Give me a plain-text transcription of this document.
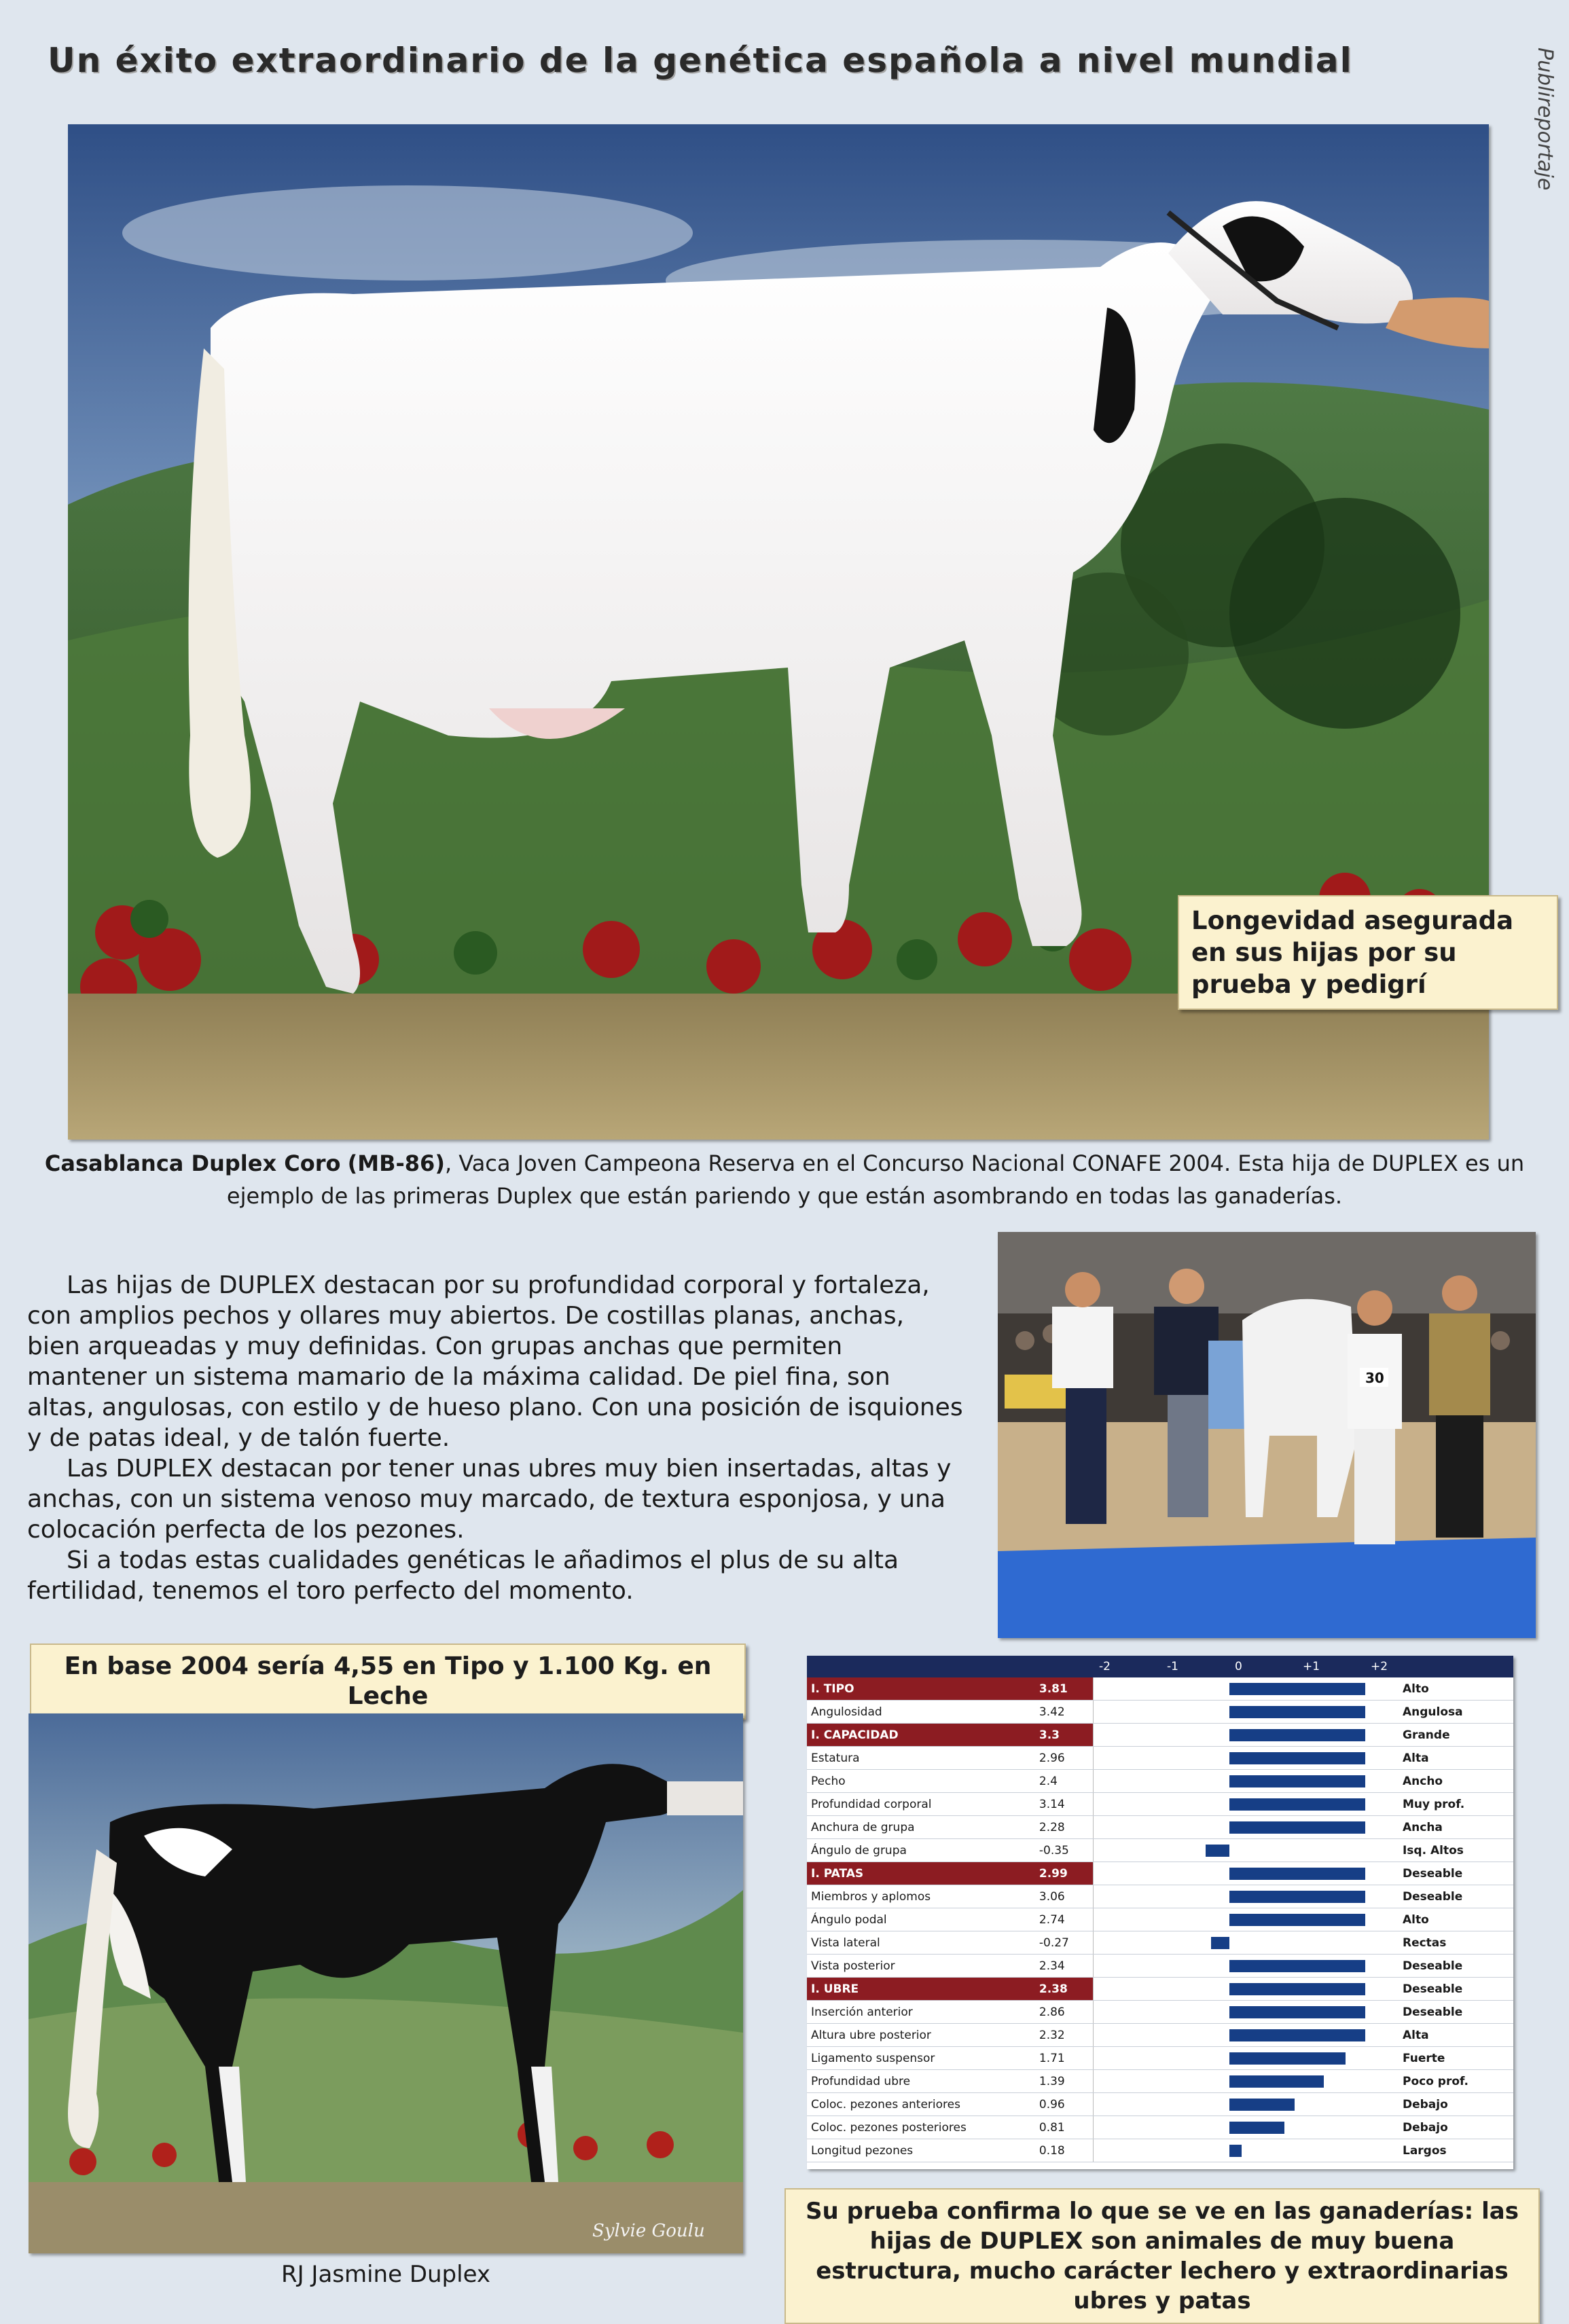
Un éxito extraordinario de la genética española a nivel mundial	Publireportaje
Longevidad asegurada en sus hijas por su prueba y pedigrí
Casablanca Duplex Coro (MB-86), Vaca Joven Campeona Reserva en el Concurso Nacional CONAFE 2004. Esta hija de DUPLEX es un ejemplo de las primeras Duplex que están pariendo y que están asombrando en todas las ganaderías.

Las hijas de DUPLEX destacan por su profundidad corporal y fortaleza, con amplios pechos y ollares muy abiertos. De costillas planas, anchas, bien arqueadas y muy definidas. Con grupas anchas que permiten mantener un sistema mamario de la máxima calidad. De piel fina, son altas, angulosas, con estilo y de hueso plano. Con una posición de isquiones y de patas ideal, y de talón fuerte.

Las DUPLEX destacan por tener unas ubres muy bien insertadas, altas y anchas, con un sistema venoso muy marcado, de textura esponjosa, y una colocación perfecta de los pezones.

Si a todas estas cualidades genéticas le añadimos el plus de su alta fertilidad, tenemos el toro perfecto del momento.

30
En base 2004 sería 4,55 en Tipo y 1.100 Kg. en Leche
Sylvie Goulu
RJ Jasmine Duplex
-2	-1	0	+1	+2
I. TIPO	3.81		Alto
Angulosidad	3.42		Angulosa
I. CAPACIDAD	3.3		Grande
Estatura	2.96		Alta
Pecho	2.4		Ancho
Profundidad corporal	3.14		Muy prof.
Anchura de grupa	2.28		Ancha
Ángulo de grupa	-0.35		Isq. Altos
I. PATAS	2.99		Deseable
Miembros y aplomos	3.06		Deseable
Ángulo podal	2.74		Alto
Vista lateral	-0.27		Rectas
Vista posterior	2.34		Deseable
I. UBRE	2.38		Deseable
Inserción anterior	2.86		Deseable
Altura ubre posterior	2.32		Alta
Ligamento suspensor	1.71		Fuerte
Profundidad ubre	1.39		Poco prof.
Coloc. pezones anteriores	0.96		Debajo
Coloc. pezones posteriores	0.81		Debajo
Longitud pezones	0.18		Largos
Su prueba confirma lo que se ve en las ganaderías: las hijas de DUPLEX son animales de muy buena estructura, mucho carácter lechero y extraordinarias ubres y patas
